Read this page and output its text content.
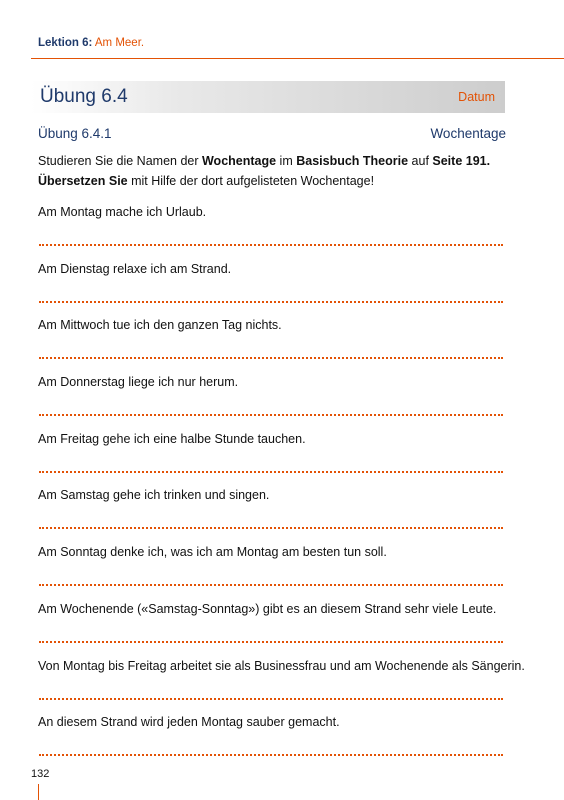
Lektion 6: Am Meer.
Übung 6.4	Datum
Übung 6.4.1	Wochentage
Studieren Sie die Namen der Wochentage im Basisbuch Theorie auf Seite 191.
Übersetzen Sie mit Hilfe der dort aufgelisteten Wochentage!
Am Montag mache ich Urlaub.
Am Dienstag relaxe ich am Strand.
Am Mittwoch tue ich den ganzen Tag nichts.
Am Donnerstag liege ich nur herum.
Am Freitag gehe ich eine halbe Stunde tauchen.
Am Samstag gehe ich trinken und singen.
Am Sonntag denke ich, was ich am Montag am besten tun soll.
Am Wochenende («Samstag-Sonntag») gibt es an diesem Strand sehr viele Leute.
Von Montag bis Freitag arbeitet sie als Businessfrau und am Wochenende als Sängerin.
An diesem Strand wird jeden Montag sauber gemacht.
132
